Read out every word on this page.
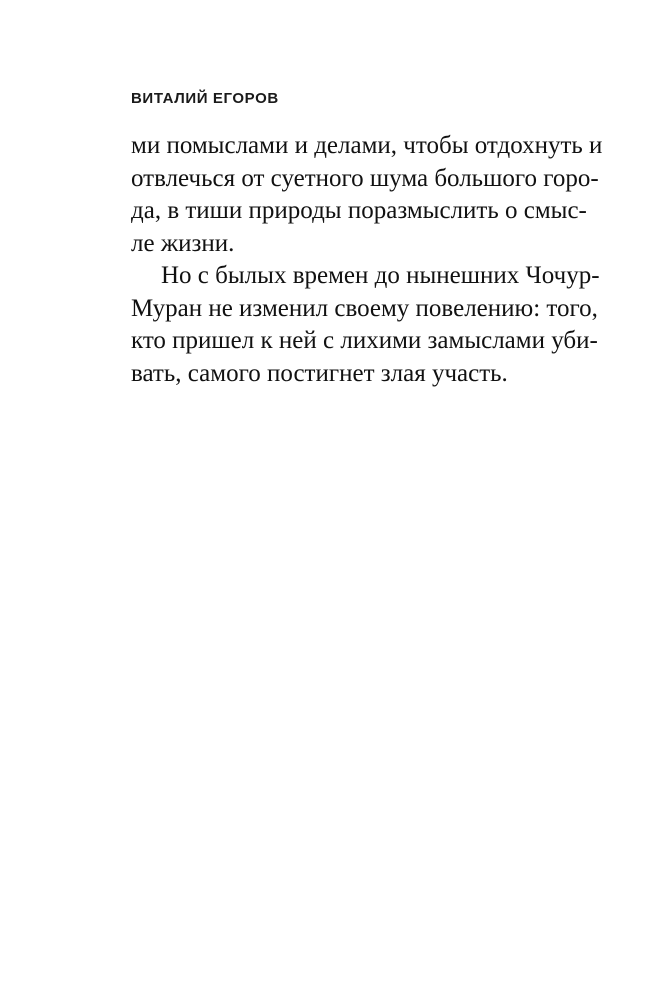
ВИТАЛИЙ ЕГОРОВ
ми помыслами и делами, чтобы отдохнуть и
отвлечься от суетного шума большого горо-
да, в тиши природы поразмыслить о смыс-
ле жизни.
Но с былых времен до нынешних Чочур-
Муран не изменил своему повелению: того,
кто пришел к ней с лихими замыслами уби-
вать, самого постигнет злая участь.
